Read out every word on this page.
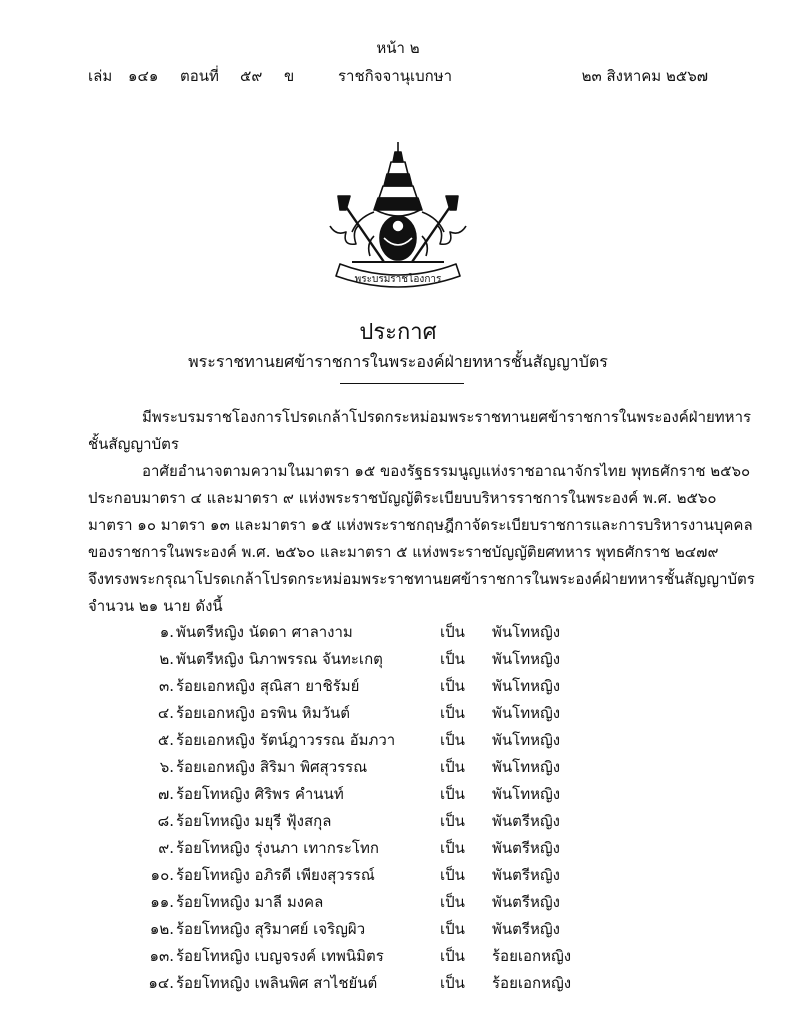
หน้า ๒
เล่ม ๑๔๑ ตอนที่ ๕๙ ข	ราชกิจจานุเบกษา	๒๓ สิงหาคม ๒๕๖๗
พระบรมราชโองการ
ประกาศ
พระราชทานยศข้าราชการในพระองค์ฝ่ายทหารชั้นสัญญาบัตร
มีพระบรมราชโองการโปรดเกล้าโปรดกระหม่อมพระราชทานยศข้าราชการในพระองค์ฝ่ายทหาร
ชั้นสัญญาบัตร
อาศัยอำนาจตามความในมาตรา ๑๕ ของรัฐธรรมนูญแห่งราชอาณาจักรไทย พุทธศักราช ๒๕๖๐
ประกอบมาตรา ๔ และมาตรา ๙ แห่งพระราชบัญญัติระเบียบบริหารราชการในพระองค์ พ.ศ. ๒๕๖๐
มาตรา ๑๐ มาตรา ๑๓ และมาตรา ๑๕ แห่งพระราชกฤษฎีกาจัดระเบียบราชการและการบริหารงานบุคคล
ของราชการในพระองค์ พ.ศ. ๒๕๖๐ และมาตรา ๕ แห่งพระราชบัญญัติยศทหาร พุทธศักราช ๒๔๗๙
จึงทรงพระกรุณาโปรดเกล้าโปรดกระหม่อมพระราชทานยศข้าราชการในพระองค์ฝ่ายทหารชั้นสัญญาบัตร
จำนวน ๒๑ นาย ดังนี้
๑. พันตรีหญิง นัดดา ศาลางาม	เป็น พันโทหญิง
๒. พันตรีหญิง นิภาพรรณ จันทะเกตุ	เป็น พันโทหญิง
๓. ร้อยเอกหญิง สุณิสา ยาชิรัมย์	เป็น พันโทหญิง
๔. ร้อยเอกหญิง อรพิน หิมวันต์	เป็น พันโทหญิง
๕. ร้อยเอกหญิง รัตน์ฎาวรรณ อัมภวา	เป็น พันโทหญิง
๖. ร้อยเอกหญิง สิริมา พิศสุวรรณ	เป็น พันโทหญิง
๗. ร้อยโทหญิง ศิริพร คำนนท์	เป็น พันโทหญิง
๘. ร้อยโทหญิง มยุรี ฟุ้งสกุล	เป็น พันตรีหญิง
๙. ร้อยโทหญิง รุ่งนภา เทากระโทก	เป็น พันตรีหญิง
๑๐. ร้อยโทหญิง อภิรดี เพียงสุวรรณ์	เป็น พันตรีหญิง
๑๑. ร้อยโทหญิง มาลี มงคล	เป็น พันตรีหญิง
๑๒. ร้อยโทหญิง สุริมาศย์ เจริญผิว	เป็น พันตรีหญิง
๑๓. ร้อยโทหญิง เบญจรงค์ เทพนิมิตร	เป็น ร้อยเอกหญิง
๑๔. ร้อยโทหญิง เพลินพิศ สาไชยันต์	เป็น ร้อยเอกหญิง
